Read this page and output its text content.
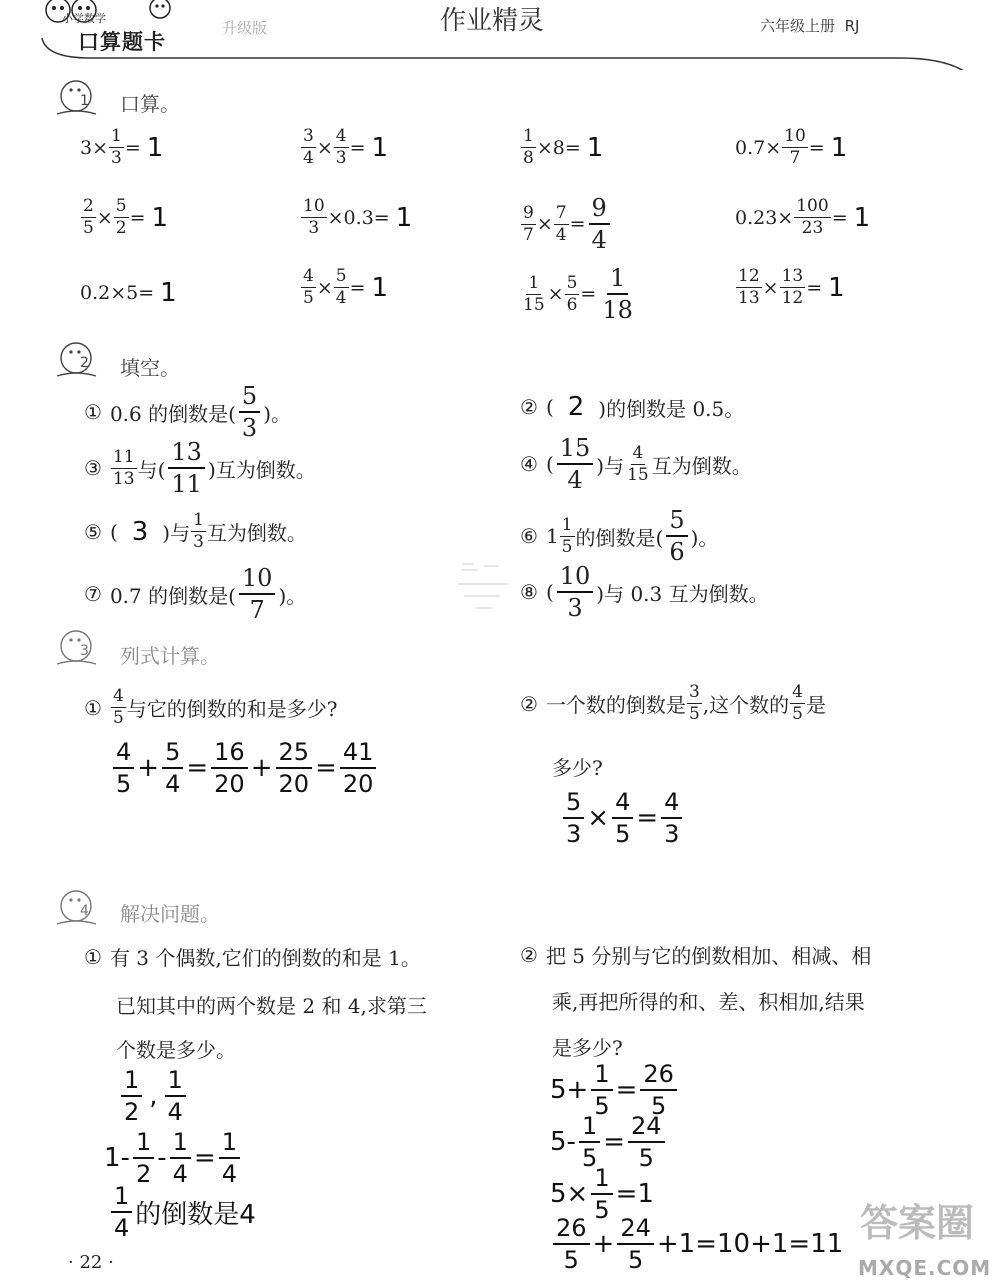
小学数学
口算题卡
升级版	作业精灵	六年级上册 RJ
1 口算。
2 填空。
3 列式计算。
4 解决问题。
$3\times \frac{1}{3} = 1$	$\frac{3}{4} \times \frac{4}{3} = 1$	$\frac{1}{8} \times 8= 1$	$0.7\times \frac{10}{7} = 1$
$\frac{2}{5} \times \frac{5}{2} = 1$	$\frac{10}{3} \times 0.3= 1$	$\frac{9}{7} \times \frac{7}{4} = \frac{9}{4}$	$0.23\times \frac{100}{23} = 1$
0.2×5= 1	$\frac{4}{5} \times \frac{5}{4} = 1$	$\frac{1}{15} \times \frac{5}{6} = \frac{1}{18}$	$\frac{12}{13} \times \frac{13}{12} = 1$
① 0.6 的倒数是(
5
3
)。	② ( 2 )的倒数是 0.5。
③ $\frac{11}{13}$ 与(
13
11
)互为倒数。	④ (
15
4
)与 $\frac{4}{15}$ 互为倒数。
⑤ ( 3 )与 $\frac{1}{3}$ 互为倒数。	⑥ $1 \frac{1}{5}$ 的倒数是(
5
6
)。
⑦ 0.7 的倒数是(
10
7
)。	⑧ (
10
3
)与 0.3 互为倒数。
① $\frac{4}{5}$ 与它的倒数的和是多少?
4
5
+ $\frac{5}{4} = \frac{16}{20} + \frac{25}{20} = \frac{41}{20}$
② 一个数的倒数是 $\frac{3}{5}$ ,这个数的 $\frac{4}{5}$ 是
多少?
$\frac{5}{3} \times \frac{4}{5} = \frac{4}{3}$
① 有 3 个偶数,它们的倒数的和是 1。
已知其中的两个数是 2 和 4,求第三
个数是多少。
1
2
,
1
4
1-
1
2
- $\frac{1}{4} = \frac{1}{4}$
1
4 的倒数是4
② 把 5 分别与它的倒数相加、相减、相
乘,再把所得的和、差、积相加,结果
是多少?
$5+ \frac{1}{5} = \frac{26}{5}$
$5- \frac{1}{5} = \frac{24}{5}$
$5\times \frac{1}{5} =1$
26
5
+ $\frac{24}{5} +1=10+1=11$
· 22 ·
答案圈
MXQE.COM
